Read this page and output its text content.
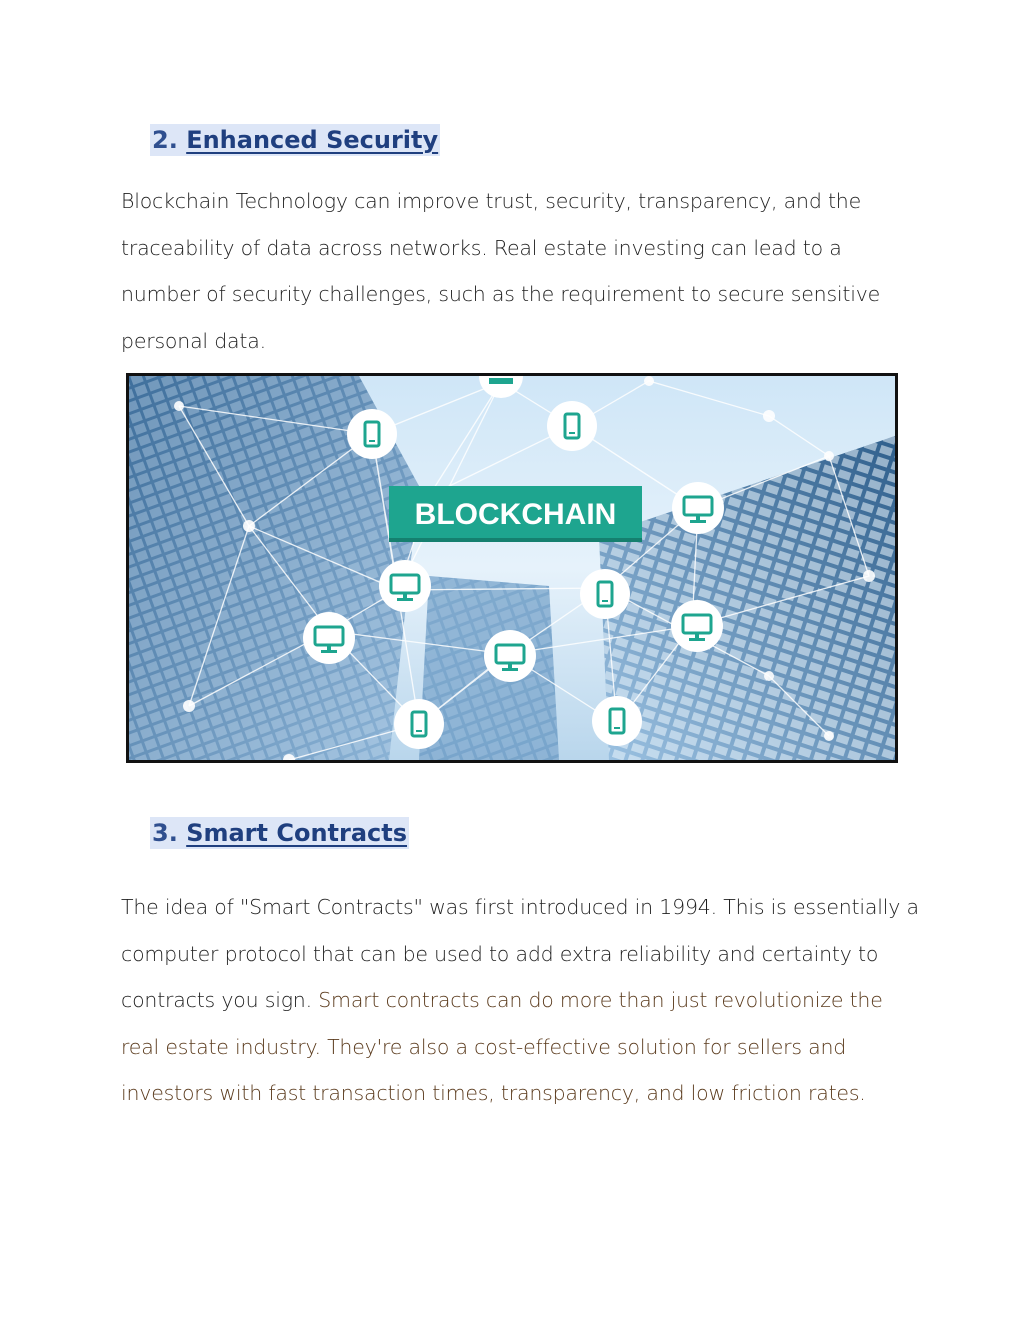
2. Enhanced Security

Blockchain Technology can improve trust, security, transparency, and the traceability of data across networks. Real estate investing can lead to a number of security challenges, such as the requirement to secure sensitive personal data.

BLOCKCHAIN
3. Smart Contracts

The idea of "Smart Contracts" was first introduced in 1994. This is essentially a computer protocol that can be used to add extra reliability and certainty to contracts you sign. Smart contracts can do more than just revolutionize the real estate industry. They're also a cost-effective solution for sellers and investors with fast transaction times, transparency, and low friction rates.
